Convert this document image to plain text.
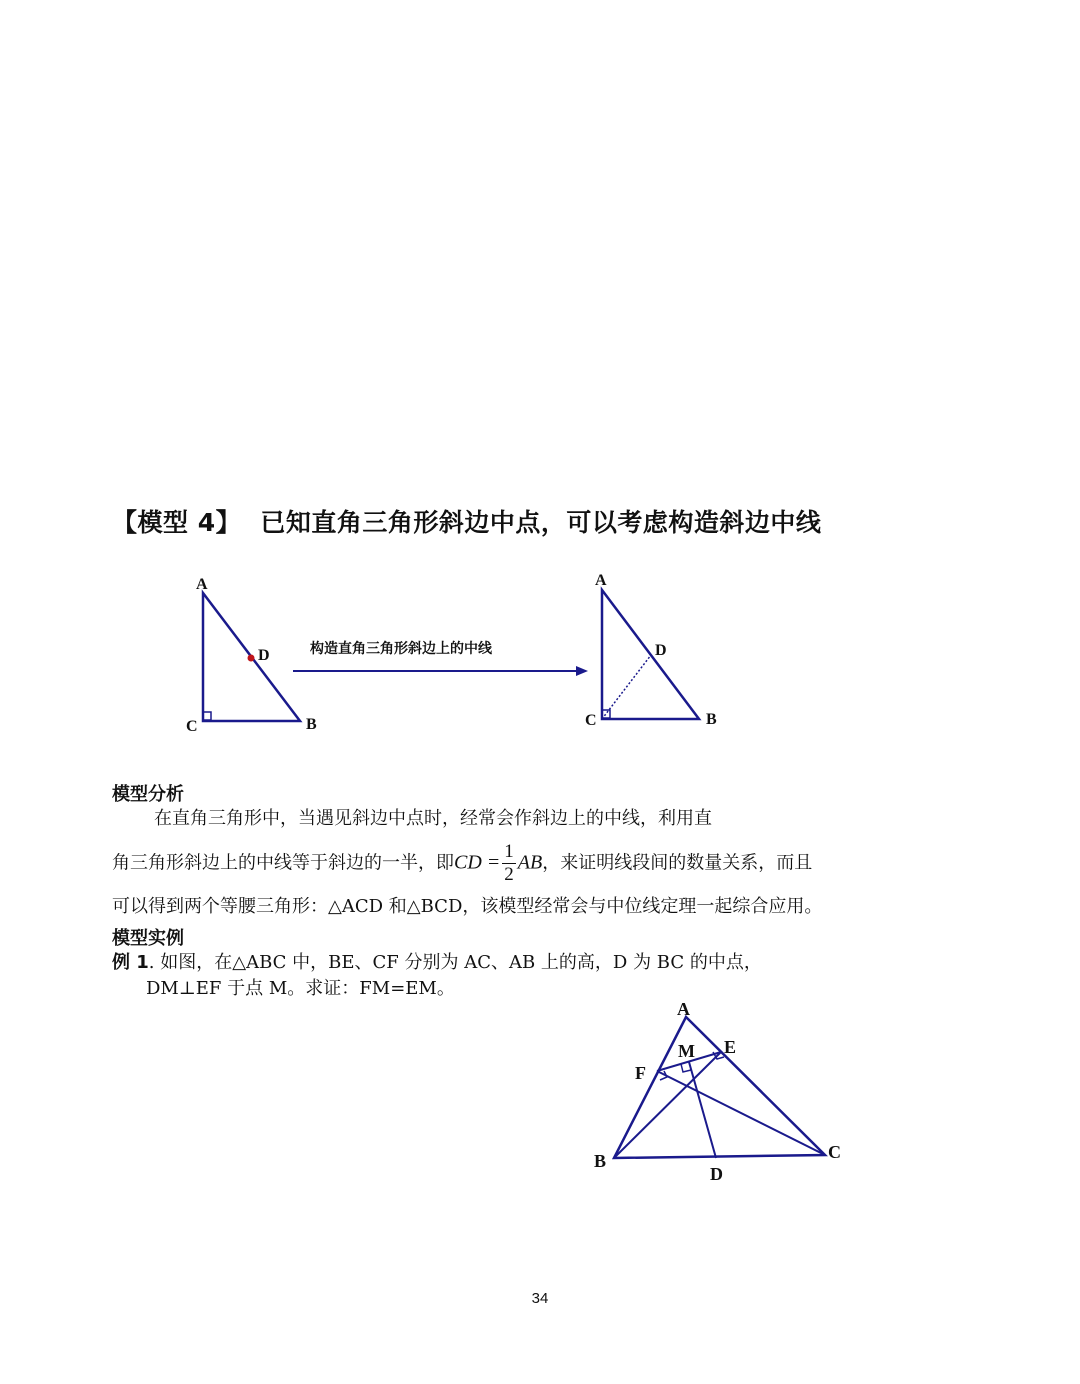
【模型 4】 已知直角三角形斜边中点，可以考虑构造斜边中线
A
D
C	B
构造直角三角形斜边上的中线
A
D
C	B
模型分析
在直角三角形中，当遇见斜边中点时，经常会作斜边上的中线，利用直
角三角形斜边上的中线等于斜边的一半，即CD = $\frac{1}{2}$ AB，来证明线段间的数量关系，而且
可以得到两个等腰三角形：△ACD 和△BCD，该模型经常会与中位线定理一起综合应用。
模型实例
例 1. 如图，在△ABC 中，BE、CF 分别为 AC、AB 上的高，D 为 BC 的中点，
DM⊥EF 于点 M。求证：FM=EM。
A
M E
F
B	C
D
34
